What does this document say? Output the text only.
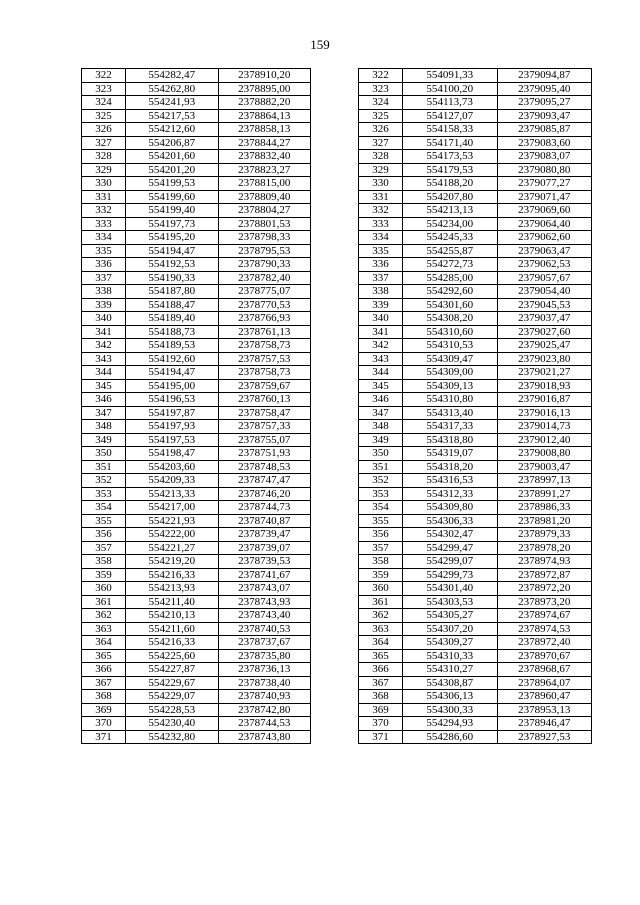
159
322	554282,47	2378910,20
323	554262,80	2378895,00
324	554241,93	2378882,20
325	554217,53	2378864,13
326	554212,60	2378858,13
327	554206,87	2378844,27
328	554201,60	2378832,40
329	554201,20	2378823,27
330	554199,53	2378815,00
331	554199,60	2378809,40
332	554199,40	2378804,27
333	554197,73	2378801,53
334	554195,20	2378798,33
335	554194,47	2378795,53
336	554192,53	2378790,33
337	554190,33	2378782,40
338	554187,80	2378775,07
339	554188,47	2378770,53
340	554189,40	2378766,93
341	554188,73	2378761,13
342	554189,53	2378758,73
343	554192,60	2378757,53
344	554194,47	2378758,73
345	554195,00	2378759,67
346	554196,53	2378760,13
347	554197,87	2378758,47
348	554197,93	2378757,33
349	554197,53	2378755,07
350	554198,47	2378751,93
351	554203,60	2378748,53
352	554209,33	2378747,47
353	554213,33	2378746,20
354	554217,00	2378744,73
355	554221,93	2378740,87
356	554222,00	2378739,47
357	554221,27	2378739,07
358	554219,20	2378739,53
359	554216,33	2378741,67
360	554213,93	2378743,07
361	554211,40	2378743,93
362	554210,13	2378743,40
363	554211,60	2378740,53
364	554216,33	2378737,67
365	554225,60	2378735,80
366	554227,87	2378736,13
367	554229,67	2378738,40
368	554229,07	2378740,93
369	554228,53	2378742,80
370	554230,40	2378744,53
371	554232,80	2378743,80
322	554091,33	2379094,87
323	554100,20	2379095,40
324	554113,73	2379095,27
325	554127,07	2379093,47
326	554158,33	2379085,87
327	554171,40	2379083,60
328	554173,53	2379083,07
329	554179,53	2379080,80
330	554188,20	2379077,27
331	554207,80	2379071,47
332	554213,13	2379069,60
333	554234,00	2379064,40
334	554245,33	2379062,60
335	554255,87	2379063,47
336	554272,73	2379062,53
337	554285,00	2379057,67
338	554292,60	2379054,40
339	554301,60	2379045,53
340	554308,20	2379037,47
341	554310,60	2379027,60
342	554310,53	2379025,47
343	554309,47	2379023,80
344	554309,00	2379021,27
345	554309,13	2379018,93
346	554310,80	2379016,87
347	554313,40	2379016,13
348	554317,33	2379014,73
349	554318,80	2379012,40
350	554319,07	2379008,80
351	554318,20	2379003,47
352	554316,53	2378997,13
353	554312,33	2378991,27
354	554309,80	2378986,33
355	554306,33	2378981,20
356	554302,47	2378979,33
357	554299,47	2378978,20
358	554299,07	2378974,93
359	554299,73	2378972,87
360	554301,40	2378972,20
361	554303,53	2378973,20
362	554305,27	2378974,67
363	554307,20	2378974,53
364	554309,27	2378972,40
365	554310,33	2378970,67
366	554310,27	2378968,67
367	554308,87	2378964,07
368	554306,13	2378960,47
369	554300,33	2378953,13
370	554294,93	2378946,47
371	554286,60	2378927,53
